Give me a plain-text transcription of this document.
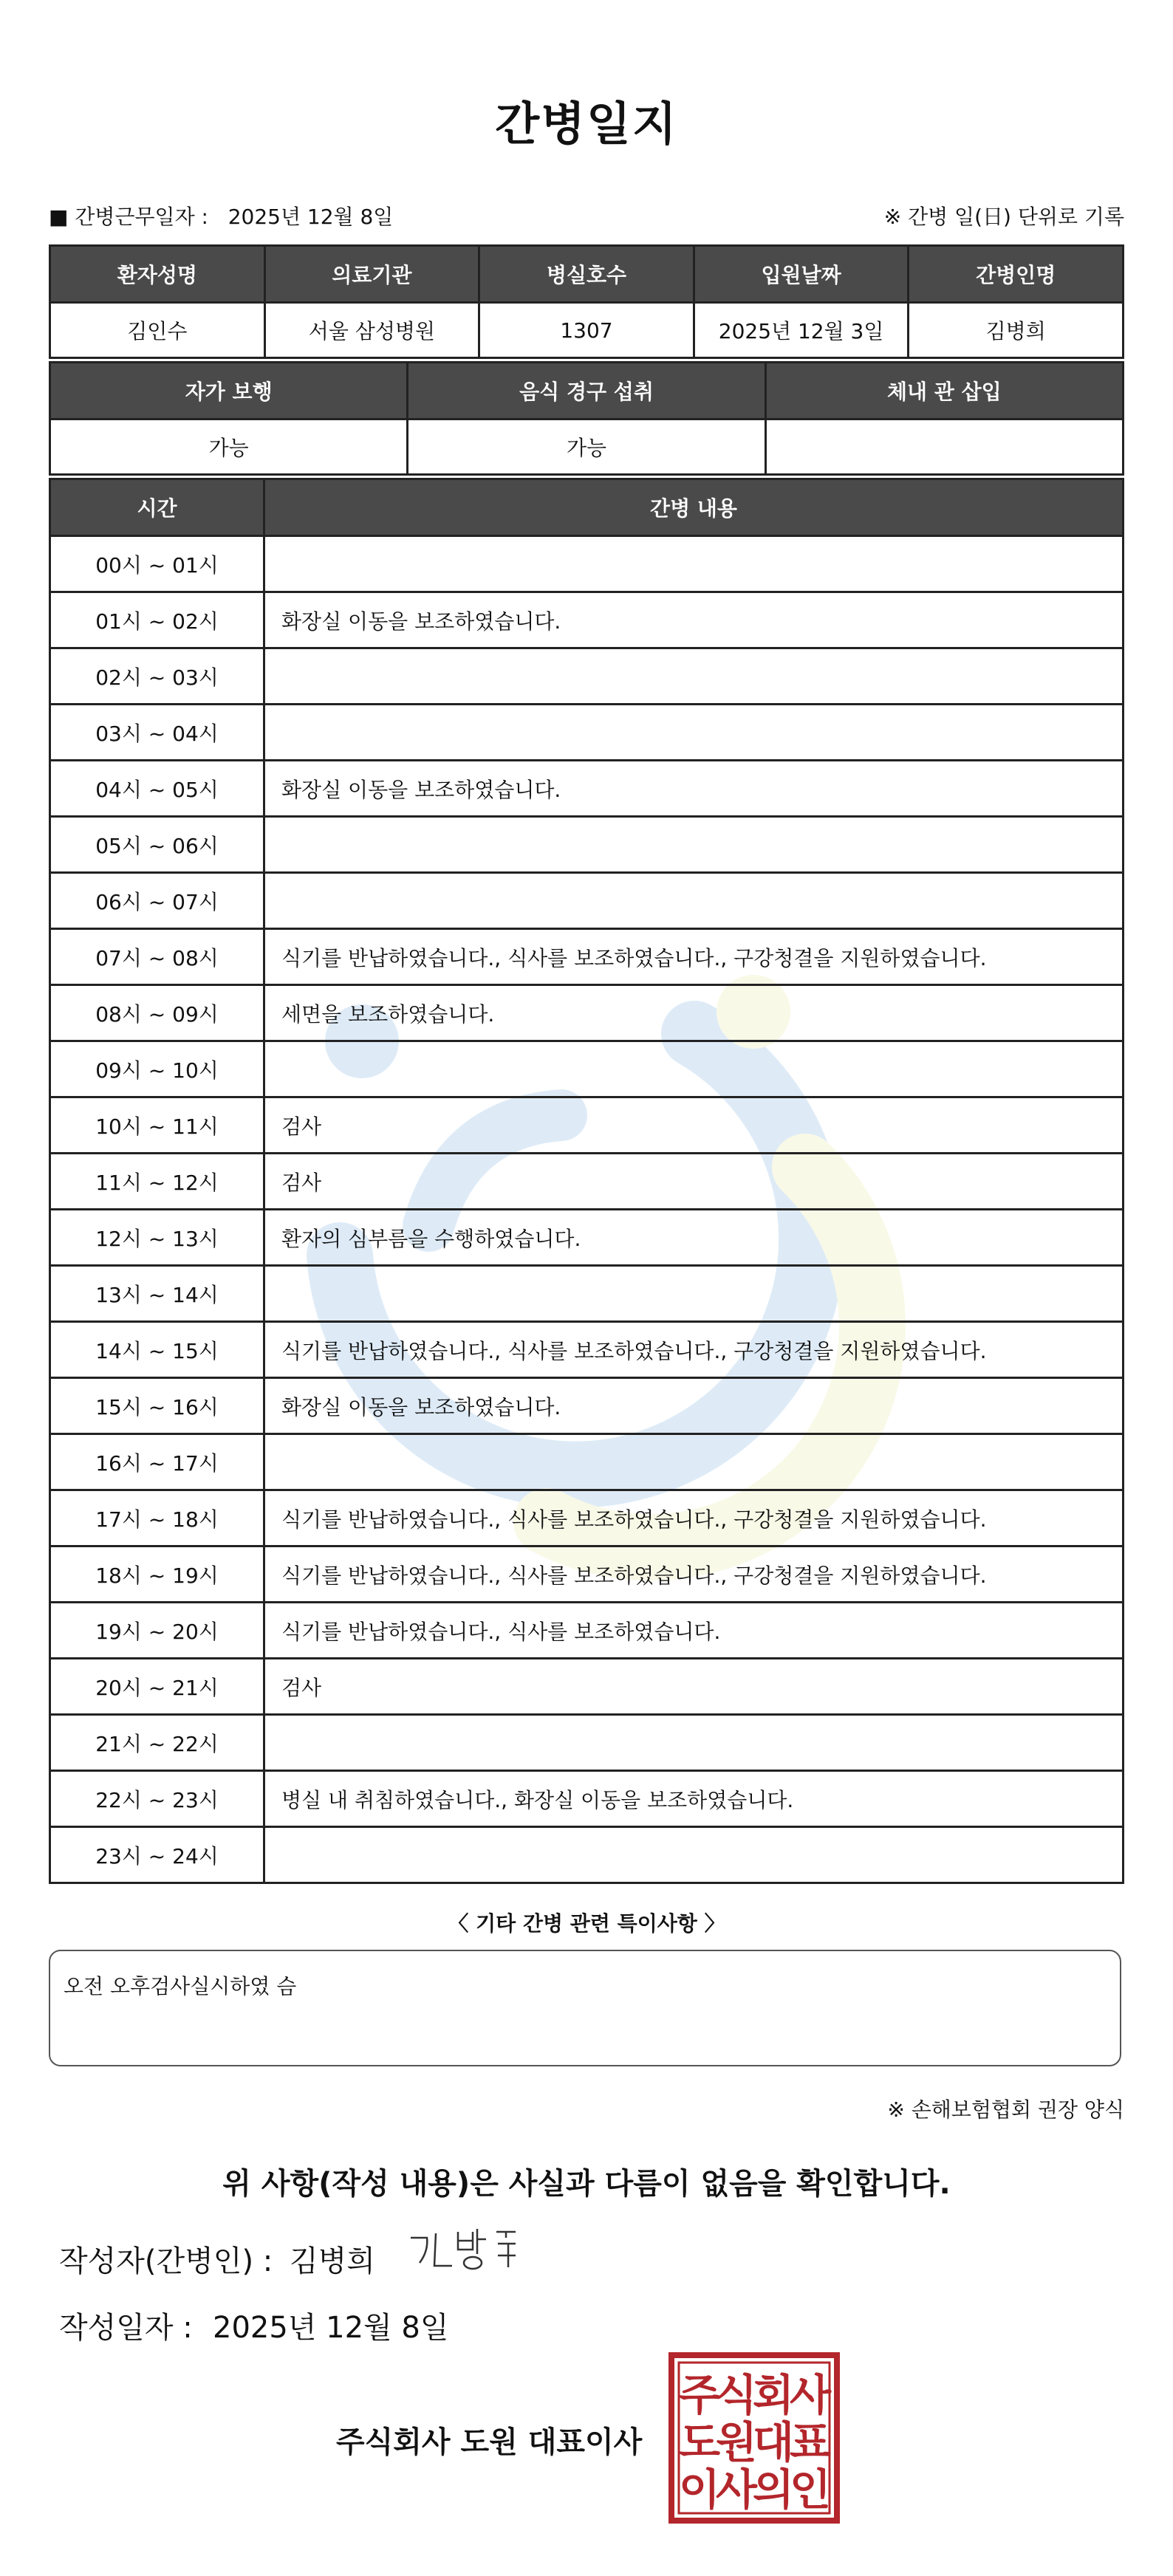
간병일지
■ 간병근무일자 : 2025년 12월 8일	※ 간병 일(日) 단위로 기록
환자성명	의료기관	병실호수	입원날짜	간병인명
김인수	서울 삼성병원	1307	2025년 12월 3일	김병희
자가 보행	음식 경구 섭취	체내 관 삽입
가능	가능	
시간	간병 내용
00시 ~ 01시	
01시 ~ 02시	화장실 이동을 보조하였습니다.
02시 ~ 03시	
03시 ~ 04시	
04시 ~ 05시	화장실 이동을 보조하였습니다.
05시 ~ 06시	
06시 ~ 07시	
07시 ~ 08시	식기를 반납하였습니다., 식사를 보조하였습니다., 구강청결을 지원하였습니다.
08시 ~ 09시	세면을 보조하였습니다.
09시 ~ 10시	
10시 ~ 11시	검사
11시 ~ 12시	검사
12시 ~ 13시	환자의 심부름을 수행하였습니다.
13시 ~ 14시	
14시 ~ 15시	식기를 반납하였습니다., 식사를 보조하였습니다., 구강청결을 지원하였습니다.
15시 ~ 16시	화장실 이동을 보조하였습니다.
16시 ~ 17시	
17시 ~ 18시	식기를 반납하였습니다., 식사를 보조하였습니다., 구강청결을 지원하였습니다.
18시 ~ 19시	식기를 반납하였습니다., 식사를 보조하였습니다., 구강청결을 지원하였습니다.
19시 ~ 20시	식기를 반납하였습니다., 식사를 보조하였습니다.
20시 ~ 21시	검사
21시 ~ 22시	
22시 ~ 23시	병실 내 취침하였습니다., 화장실 이동을 보조하였습니다.
23시 ~ 24시	
〈 기타 간병 관련 특이사항 〉
오전 오후검사실시하였 슴
※ 손해보험협회 권장 양식
위 사항(작성 내용)은 사실과 다름이 없음을 확인합니다.
작성자(간병인) : 김병희
작성일자 : 2025년 12월 8일
주식회사 도원 대표이사
주
식
회
사
도
원
대
표
이
사
의
인
